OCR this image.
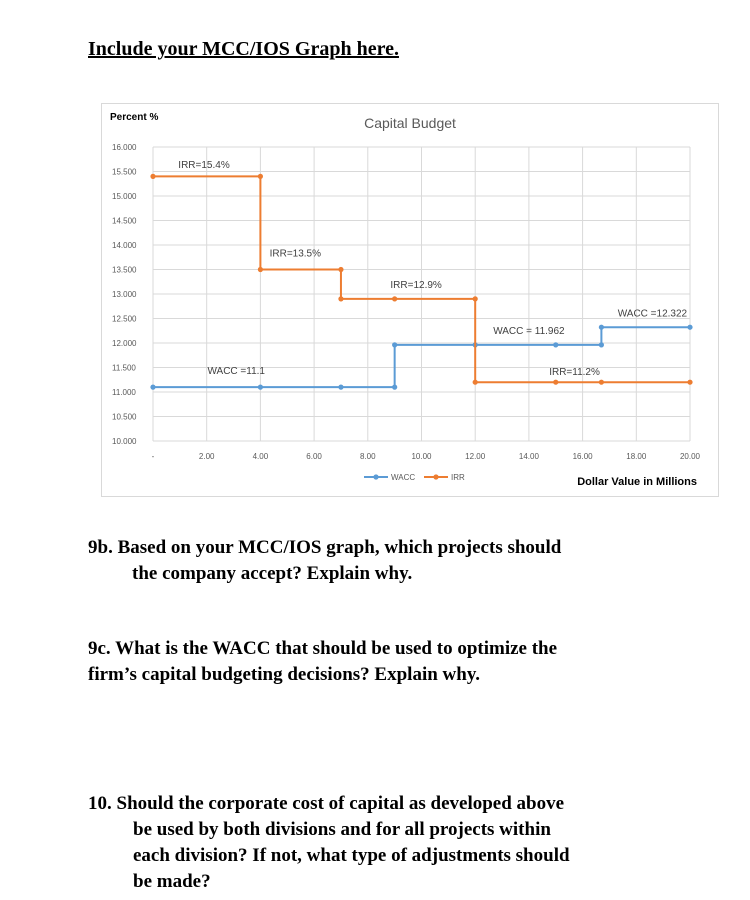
Include your MCC/IOS Graph here.
10.000
10.500
11.000
11.500
12.000
12.500
13.000
13.500
14.000
14.500
15.000
15.500
16.000
-	2.00	4.00	6.00	8.00	10.00	12.00	14.00	16.00	18.00	20.00
Capital Budget
Percent %
Dollar Value in Millions
IRR=15.4%
IRR=13.5%
IRR=12.9%
WACC = 11.962
WACC =12.322
IRR=11.2%
WACC =11.1
WACC	IRR
9b. Based on your MCC/IOS graph, which projects should
the company accept? Explain why.
9c. What is the WACC that should be used to optimize the
firm’s capital budgeting decisions? Explain why.
10. Should the corporate cost of capital as developed above
be used by both divisions and for all projects within
each division? If not, what type of adjustments should
be made?
